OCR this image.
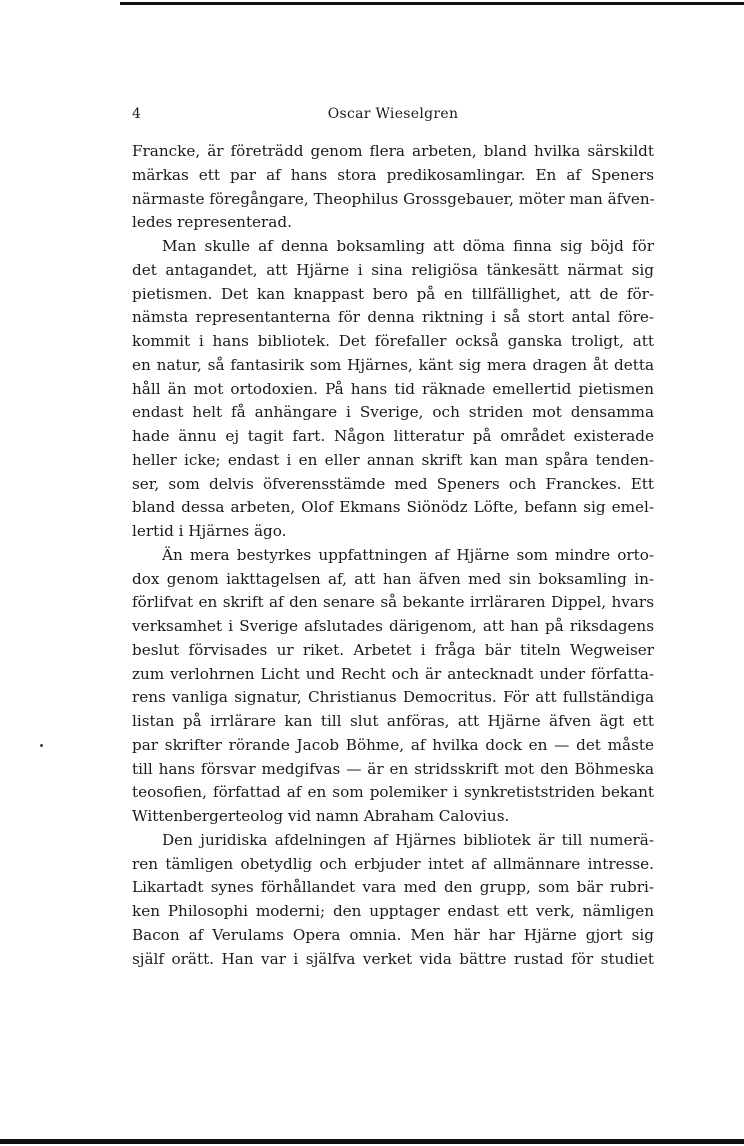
4	Oscar Wieselgren
Francke, är företrädd genom flera arbeten, bland hvilka särskildt
märkas ett par af hans stora predikosamlingar. En af Speners
närmaste föregångare, Theophilus Grossgebauer, möter man äfven-
ledes representerad.
Man skulle af denna boksamling att döma finna sig böjd för
det antagandet, att Hjärne i sina religiösa tänkesätt närmat sig
pietismen. Det kan knappast bero på en tillfällighet, att de för-
nämsta representanterna för denna riktning i så stort antal före-
kommit i hans bibliotek. Det förefaller också ganska troligt, att
en natur, så fantasirik som Hjärnes, känt sig mera dragen åt detta
håll än mot ortodoxien. På hans tid räknade emellertid pietismen
endast helt få anhängare i Sverige, och striden mot densamma
hade ännu ej tagit fart. Någon litteratur på området existerade
heller icke; endast i en eller annan skrift kan man spåra tenden-
ser, som delvis öfverensstämde med Speners och Franckes. Ett
bland dessa arbeten, Olof Ekmans Siönödz Löfte, befann sig emel-
lertid i Hjärnes ägo.
Än mera bestyrkes uppfattningen af Hjärne som mindre orto-
dox genom iakttagelsen af, att han äfven med sin boksamling in-
förlifvat en skrift af den senare så bekante irrläraren Dippel, hvars
verksamhet i Sverige afslutades därigenom, att han på riksdagens
beslut förvisades ur riket. Arbetet i fråga bär titeln Wegweiser
zum verlohrnen Licht und Recht och är antecknadt under författa-
rens vanliga signatur, Christianus Democritus. För att fullständiga
listan på irrlärare kan till slut anföras, att Hjärne äfven ägt ett
par skrifter rörande Jacob Böhme, af hvilka dock en — det måste
till hans försvar medgifvas — är en stridsskrift mot den Böhmeska
teosofien, författad af en som polemiker i synkretiststriden bekant
Wittenbergerteolog vid namn Abraham Calovius.
Den juridiska afdelningen af Hjärnes bibliotek är till numerä-
ren tämligen obetydlig och erbjuder intet af allmännare intresse.
Likartadt synes förhållandet vara med den grupp, som bär rubri-
ken Philosophi moderni; den upptager endast ett verk, nämligen
Bacon af Verulams Opera omnia. Men här har Hjärne gjort sig
själf orätt. Han var i själfva verket vida bättre rustad för studiet
